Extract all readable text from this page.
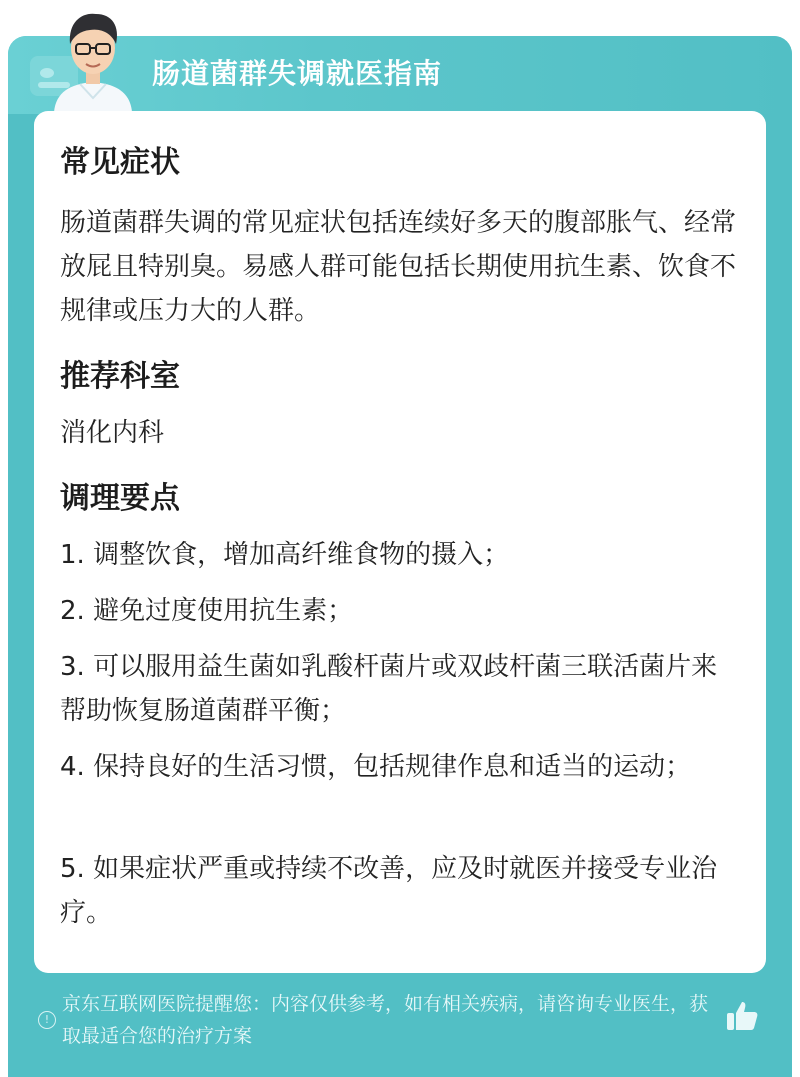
肠道菌群失调就医指南
常见症状
肠道菌群失调的常见症状包括连续好多天的腹部胀气、经常放屁且特别臭。易感人群可能包括长期使用抗生素、饮食不规律或压力大的人群。
推荐科室
消化内科
调理要点
1. 调整饮食，增加高纤维食物的摄入；
2. 避免过度使用抗生素；
3. 可以服用益生菌如乳酸杆菌片或双歧杆菌三联活菌片来帮助恢复肠道菌群平衡；
4. 保持良好的生活习惯，包括规律作息和适当的运动；
5. 如果症状严重或持续不改善，应及时就医并接受专业治疗。
!
京东互联网医院提醒您：内容仅供参考，如有相关疾病，请咨询专业医生，获取最适合您的治疗方案
